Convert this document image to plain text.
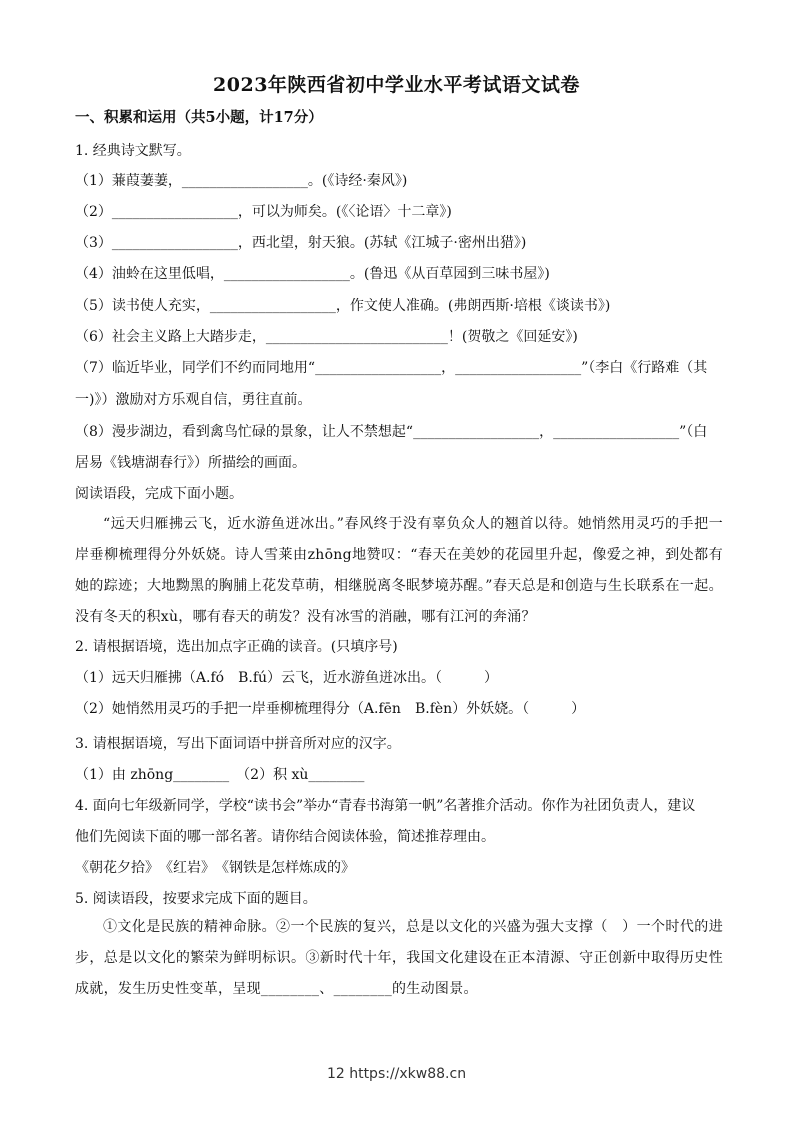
2023年陕西省初中学业水平考试语文试卷
一、积累和运用（共5小题，计17分）
1. 经典诗文默写。
（1）蒹葭萋萋，__________________。(《诗经·秦风》)
（2）__________________，可以为师矣。(《〈论语〉十二章》)
（3）__________________，西北望，射天狼。(苏轼《江城子·密州出猎》)
（4）油蛉在这里低唱，__________________。(鲁迅《从百草园到三味书屋》)
（5）读书使人充实，__________________，作文使人准确。(弗朗西斯·培根《谈读书》)
（6）社会主义路上大踏步走，__________________________！(贺敬之《回延安》)
（7）临近毕业，同学们不约而同地用“__________________，__________________”（李白《行路难（其
一)》）激励对方乐观自信，勇往直前。
（8）漫步湖边，看到禽鸟忙碌的景象，让人不禁想起“__________________，__________________”（白
居易《钱塘湖春行》）所描绘的画面。
阅读语段，完成下面小题。
“远天归雁拂云飞，近水游鱼迸冰出。”春风终于没有辜负众人的翘首以待。她悄然用灵巧的手把一岸垂柳梳理得分外妖娆。诗人雪莱由zhōng地赞叹：“春天在美妙的花园里升起，像爱之神，到处都有她的踪迹；大地黝黑的胸脯上花发草萌，相继脱离冬眠梦境苏醒。”春天总是和创造与生长联系在一起。没有冬天的积xù，哪有春天的萌发？没有冰雪的消融，哪有江河的奔涌？
2. 请根据语境，选出加点字正确的读音。(只填序号)
（1）远天归雁拂（A.fó　B.fú）云飞，近水游鱼迸冰出。（　　　）
（2）她悄然用灵巧的手把一岸垂柳梳理得分（A.fēn　B.fèn）外妖娆。（　　　）
3. 请根据语境，写出下面词语中拼音所对应的汉字。
（1）由 zhōng________　（2）积 xù________
4. 面向七年级新同学，学校“读书会”举办“青春书海第一帆”名著推介活动。你作为社团负责人，建议
他们先阅读下面的哪一部名著。请你结合阅读体验，简述推荐理由。
《朝花夕拾》　《红岩》　《钢铁是怎样炼成的》
5. 阅读语段，按要求完成下面的题目。
①文化是民族的精神命脉。②一个民族的复兴，总是以文化的兴盛为强大支撑（　）一个时代的进步，总是以文化的繁荣为鲜明标识。③新时代十年，我国文化建设在正本清源、守正创新中取得历史性成就，发生历史性变革，呈现________、________的生动图景。
12 https://xkw88.cn
